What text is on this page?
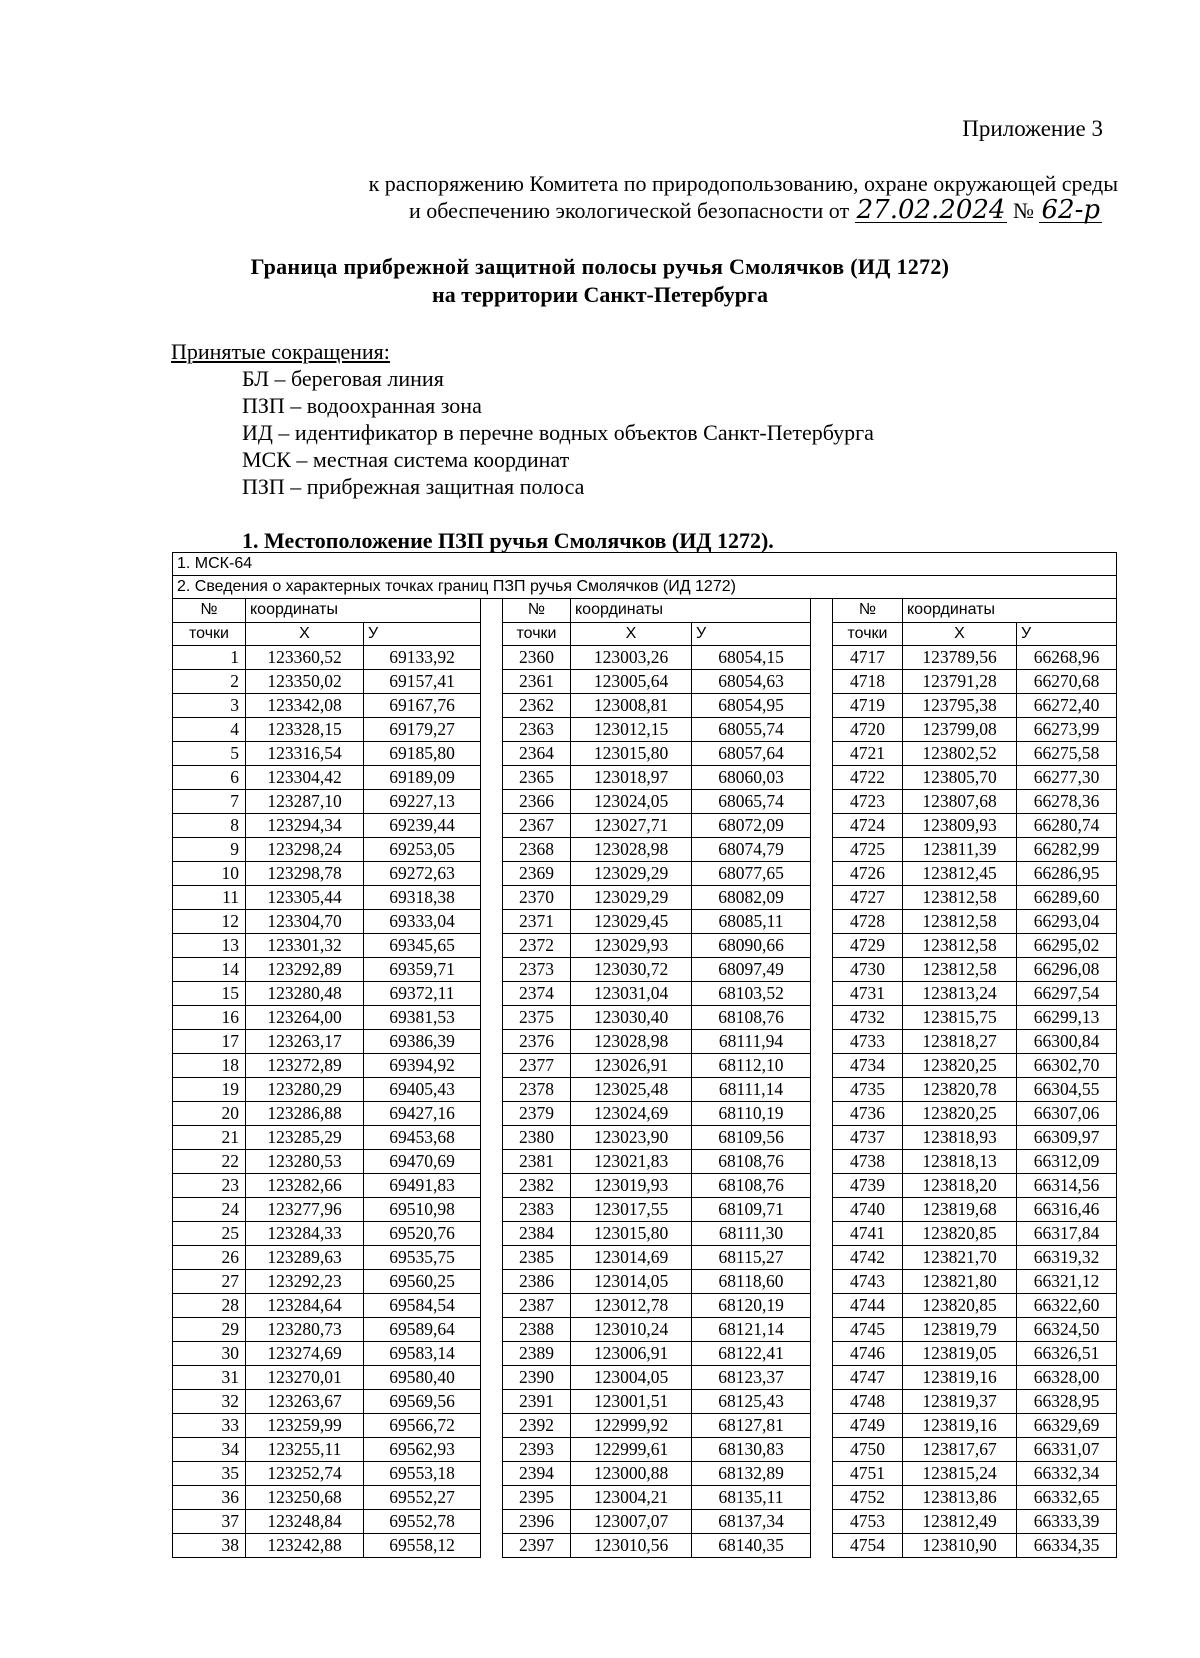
Приложение 3
к распоряжению Комитета по природопользованию, охране окружающей среды
и обеспечению экологической безопасности от 27.02.2024 № 62-р
Граница прибрежной защитной полосы ручья Смолячков (ИД 1272)
на территории Санкт-Петербурга
Принятые сокращения:
БЛ – береговая линия
ПЗП – водоохранная зона
ИД – идентификатор в перечне водных объектов Санкт-Петербурга
МСК – местная система координат
ПЗП – прибрежная защитная полоса
1. Местоположение ПЗП ручья Смолячков (ИД 1272).
1. МСК-64										
2. Сведения о характерных точках границ ПЗП ручья Смолячков (ИД 1272)										
№	координаты			№	координаты			№	координаты	
точки	Х	У		точки	Х	У		точки	Х	У
1	123360,52	69133,92		2360	123003,26	68054,15		4717	123789,56	66268,96
2	123350,02	69157,41		2361	123005,64	68054,63		4718	123791,28	66270,68
3	123342,08	69167,76		2362	123008,81	68054,95		4719	123795,38	66272,40
4	123328,15	69179,27		2363	123012,15	68055,74		4720	123799,08	66273,99
5	123316,54	69185,80		2364	123015,80	68057,64		4721	123802,52	66275,58
6	123304,42	69189,09		2365	123018,97	68060,03		4722	123805,70	66277,30
7	123287,10	69227,13		2366	123024,05	68065,74		4723	123807,68	66278,36
8	123294,34	69239,44		2367	123027,71	68072,09		4724	123809,93	66280,74
9	123298,24	69253,05		2368	123028,98	68074,79		4725	123811,39	66282,99
10	123298,78	69272,63		2369	123029,29	68077,65		4726	123812,45	66286,95
11	123305,44	69318,38		2370	123029,29	68082,09		4727	123812,58	66289,60
12	123304,70	69333,04		2371	123029,45	68085,11		4728	123812,58	66293,04
13	123301,32	69345,65		2372	123029,93	68090,66		4729	123812,58	66295,02
14	123292,89	69359,71		2373	123030,72	68097,49		4730	123812,58	66296,08
15	123280,48	69372,11		2374	123031,04	68103,52		4731	123813,24	66297,54
16	123264,00	69381,53		2375	123030,40	68108,76		4732	123815,75	66299,13
17	123263,17	69386,39		2376	123028,98	68111,94		4733	123818,27	66300,84
18	123272,89	69394,92		2377	123026,91	68112,10		4734	123820,25	66302,70
19	123280,29	69405,43		2378	123025,48	68111,14		4735	123820,78	66304,55
20	123286,88	69427,16		2379	123024,69	68110,19		4736	123820,25	66307,06
21	123285,29	69453,68		2380	123023,90	68109,56		4737	123818,93	66309,97
22	123280,53	69470,69		2381	123021,83	68108,76		4738	123818,13	66312,09
23	123282,66	69491,83		2382	123019,93	68108,76		4739	123818,20	66314,56
24	123277,96	69510,98		2383	123017,55	68109,71		4740	123819,68	66316,46
25	123284,33	69520,76		2384	123015,80	68111,30		4741	123820,85	66317,84
26	123289,63	69535,75		2385	123014,69	68115,27		4742	123821,70	66319,32
27	123292,23	69560,25		2386	123014,05	68118,60		4743	123821,80	66321,12
28	123284,64	69584,54		2387	123012,78	68120,19		4744	123820,85	66322,60
29	123280,73	69589,64		2388	123010,24	68121,14		4745	123819,79	66324,50
30	123274,69	69583,14		2389	123006,91	68122,41		4746	123819,05	66326,51
31	123270,01	69580,40		2390	123004,05	68123,37		4747	123819,16	66328,00
32	123263,67	69569,56		2391	123001,51	68125,43		4748	123819,37	66328,95
33	123259,99	69566,72		2392	122999,92	68127,81		4749	123819,16	66329,69
34	123255,11	69562,93		2393	122999,61	68130,83		4750	123817,67	66331,07
35	123252,74	69553,18		2394	123000,88	68132,89		4751	123815,24	66332,34
36	123250,68	69552,27		2395	123004,21	68135,11		4752	123813,86	66332,65
37	123248,84	69552,78		2396	123007,07	68137,34		4753	123812,49	66333,39
38	123242,88	69558,12		2397	123010,56	68140,35		4754	123810,90	66334,35
